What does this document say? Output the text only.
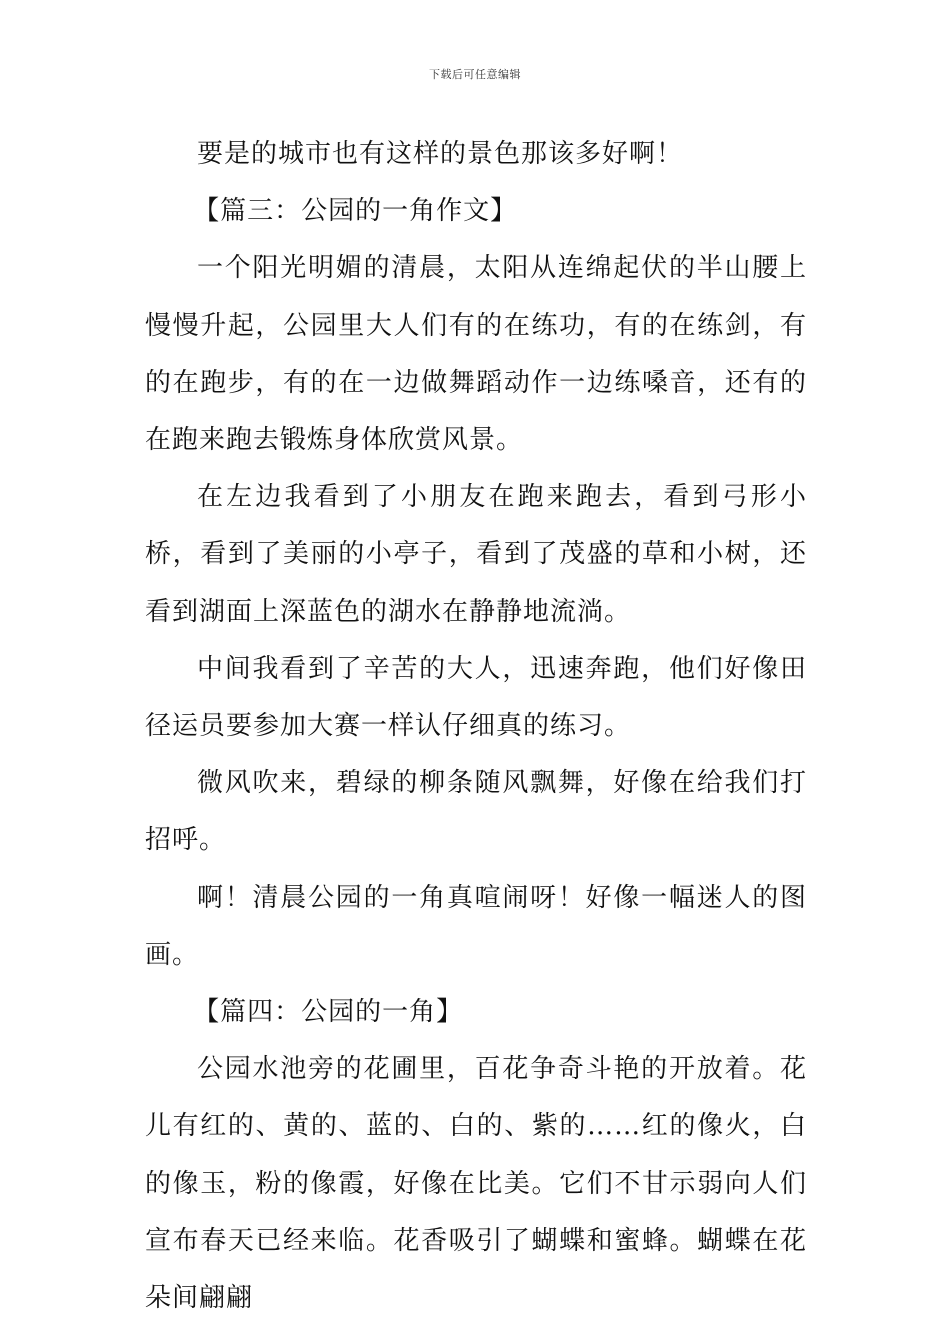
下载后可任意编辑

要是的城市也有这样的景色那该多好啊！

【篇三：公园的一角作文】

一个阳光明媚的清晨，太阳从连绵起伏的半山腰上慢慢升起，公园里大人们有的在练功，有的在练剑，有的在跑步，有的在一边做舞蹈动作一边练嗓音，还有的在跑来跑去锻炼身体欣赏风景。

在左边我看到了小朋友在跑来跑去，看到弓形小桥，看到了美丽的小亭子，看到了茂盛的草和小树，还看到湖面上深蓝色的湖水在静静地流淌。

中间我看到了辛苦的大人，迅速奔跑，他们好像田径运员要参加大赛一样认仔细真的练习。

微风吹来，碧绿的柳条随风飘舞，好像在给我们打招呼。

啊！清晨公园的一角真喧闹呀！好像一幅迷人的图画。

【篇四：公园的一角】

公园水池旁的花圃里，百花争奇斗艳的开放着。花儿有红的、黄的、蓝的、白的、紫的……红的像火，白的像玉，粉的像霞，好像在比美。它们不甘示弱向人们宣布春天已经来临。花香吸引了蝴蝶和蜜蜂。蝴蝶在花朵间翩翩
